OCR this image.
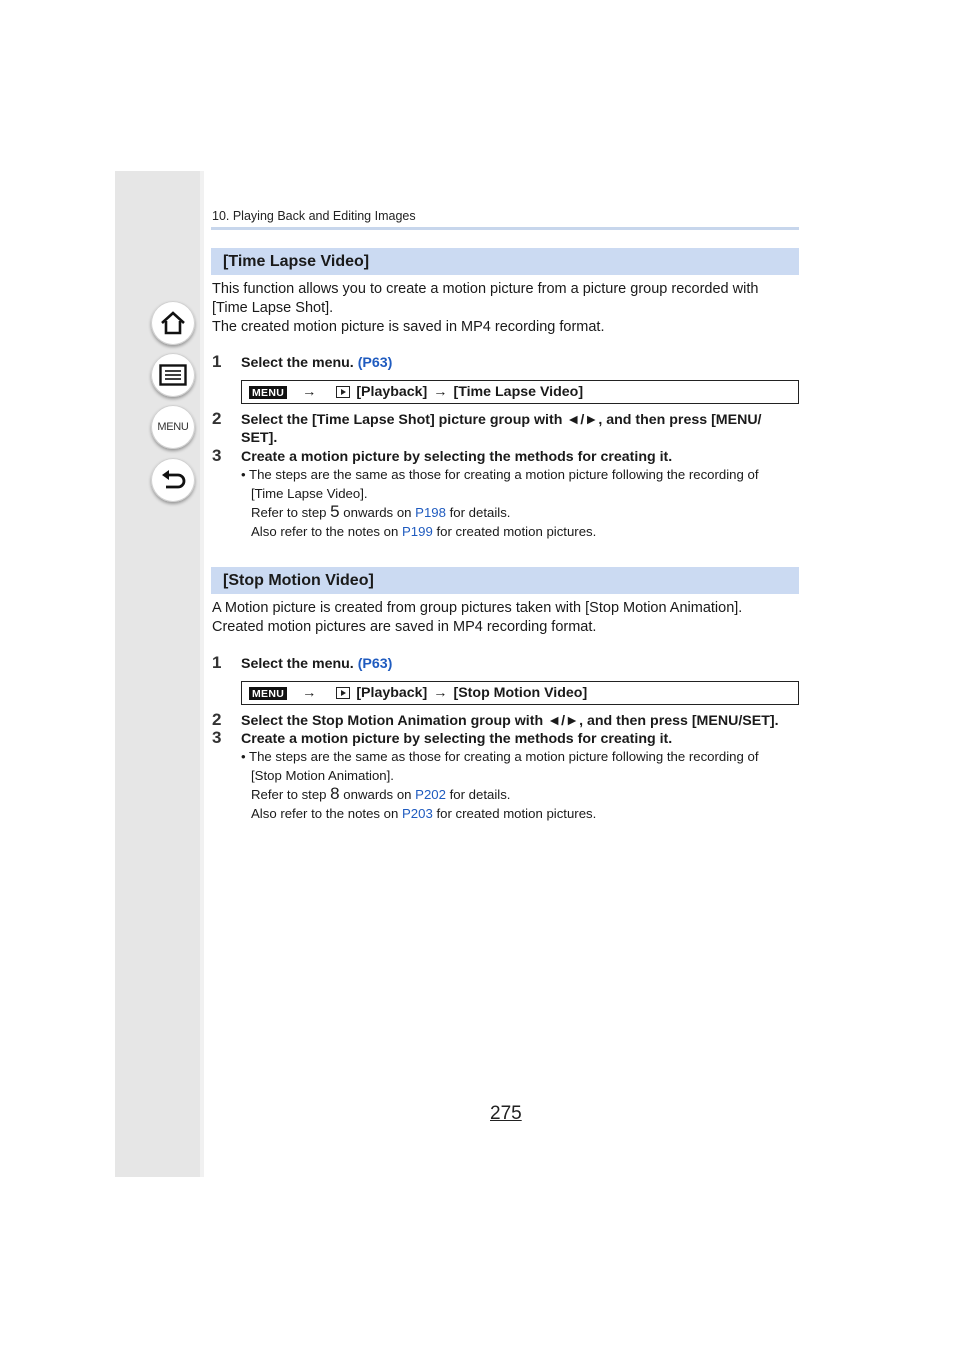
MENU
10. Playing Back and Editing Images
[Time Lapse Video]
This function allows you to create a motion picture from a picture group recorded with
[Time Lapse Shot].
The created motion picture is saved in MP4 recording format.
1 Select the menu. (P63)
MENU →	[Playback] → [Time Lapse Video]
2 Select the [Time Lapse Shot] picture group with ◄/►, and then press [MENU/
SET].
3 Create a motion picture by selecting the methods for creating it.
• The steps are the same as those for creating a motion picture following the recording of
[Time Lapse Video].
Refer to step 5 onwards on P198 for details.
Also refer to the notes on P199 for created motion pictures.
[Stop Motion Video]
A Motion picture is created from group pictures taken with [Stop Motion Animation].
Created motion pictures are saved in MP4 recording format.
1 Select the menu. (P63)
MENU →	[Playback] → [Stop Motion Video]
2 Select the Stop Motion Animation group with ◄/►, and then press [MENU/SET].
3 Create a motion picture by selecting the methods for creating it.
• The steps are the same as those for creating a motion picture following the recording of
[Stop Motion Animation].
Refer to step 8 onwards on P202 for details.
Also refer to the notes on P203 for created motion pictures.
275
